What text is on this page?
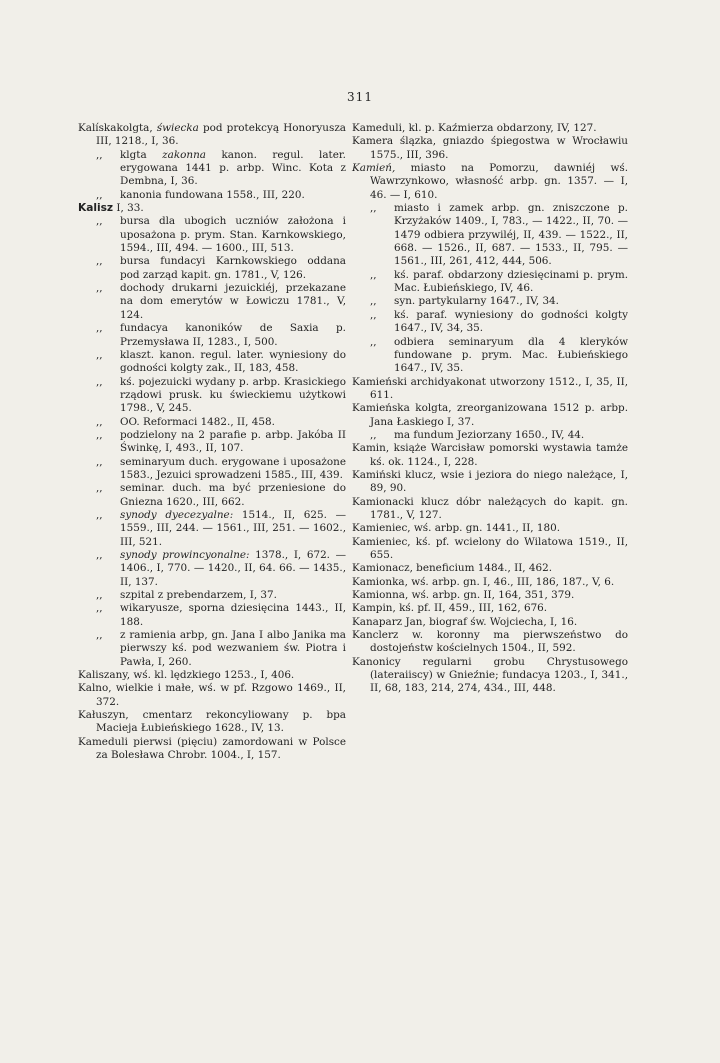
311

Kalískakolgta, świecka pod protekcyą Honoryusza III, 1218., I, 36.

,, klgta zakonna kanon. regul. later. erygowana 1441 p. arbp. Winc. Kota z Dembna, I, 36.

,, kanonia fundowana 1558., III, 220.

Kalisz I, 33.

,, bursa dla ubogich uczniów założona i uposażona p. prym. Stan. Karnkowskiego, 1594., III, 494. — 1600., III, 513.

,, bursa fundacyi Karnkowskiego oddana pod zarząd kapit. gn. 1781., V, 126.

,, dochody drukarni jezuickiéj, przekazane na dom emerytów w Łowiczu 1781., V, 124.

,, fundacya kanoników de Saxia p. Przemysława II, 1283., I, 500.

,, klaszt. kanon. regul. later. wyniesiony do godności kolgty zak., II, 183, 458.

,, kś. pojezuicki wydany p. arbp. Krasickiego rządowi prusk. ku świeckiemu użytkowi 1798., V, 245.

,, OO. Reformaci 1482., II, 458.

,, podzielony na 2 parafie p. arbp. Jakóba II Świnkę, I, 493., II, 107.

,, seminaryum duch. erygowane i uposażone 1583., Jezuici sprowadzeni 1585., III, 439.

,, seminar. duch. ma być przeniesione do Gniezna 1620., III, 662.

,, synody dyecezyalne: 1514., II, 625. — 1559., III, 244. — 1561., III, 251. — 1602., III, 521.

,, synody prowincyonalne: 1378., I, 672. — 1406., I, 770. — 1420., II, 64. 66. — 1435., II, 137.

,, szpital z prebendarzem, I, 37.

,, wikaryusze, sporna dziesięcina 1443., II, 188.

,, z ramienia arbp, gn. Jana I albo Janika ma pierwszy kś. pod wezwaniem św. Piotra i Pawła, I, 260.

Kaliszany, wś. kl. lędzkiego 1253., I, 406.

Kalno, wielkie i małe, wś. w pf. Rzgowo 1469., II, 372.

Kałuszyn, cmentarz rekoncyliowany p. bpa Macieja Łubieńskiego 1628., IV, 13.

Kameduli pierwsi (pięciu) zamordowani w Polsce za Bolesława Chrobr. 1004., I, 157.

Kameduli, kl. p. Kaźmierza obdarzony, IV, 127.

Kamera ślązka, gniazdo śpiegostwa w Wrocławiu 1575., III, 396.

Kamień, miasto na Pomorzu, dawniéj wś. Wawrzynkowo, własność arbp. gn. 1357. — I, 46. — I, 610.

,, miasto i zamek arbp. gn. zniszczone p. Krzyżaków 1409., I, 783., — 1422., II, 70. — 1479 odbiera przywiléj, II, 439. — 1522., II, 668. — 1526., II, 687. — 1533., II, 795. — 1561., III, 261, 412, 444, 506.

,, kś. paraf. obdarzony dziesięcinami p. prym. Mac. Łubieńskiego, IV, 46.

,, syn. partykularny 1647., IV, 34.

,, kś. paraf. wyniesiony do godności kolgty 1647., IV, 34, 35.

,, odbiera seminaryum dla 4 kleryków fundowane p. prym. Mac. Łubieńskiego 1647., IV, 35.

Kamieński archidyakonat utworzony 1512., I, 35, II, 611.

Kamieńska kolgta, zreorganizowana 1512 p. arbp. Jana Łaskiego I, 37.

,, ma fundum Jeziorzany 1650., IV, 44.

Kamin, książe Warcisław pomorski wystawia tamże kś. ok. 1124., I, 228.

Kamiński klucz, wsie i jeziora do niego należące, I, 89, 90.

Kamionacki klucz dóbr należących do kapit. gn. 1781., V, 127.

Kamieniec, wś. arbp. gn. 1441., II, 180.

Kamieniec, kś. pf. wcielony do Wilatowa 1519., II, 655.

Kamionacz, beneficium 1484., II, 462.

Kamionka, wś. arbp. gn. I, 46., III, 186, 187., V, 6.

Kamionna, wś. arbp. gn. II, 164, 351, 379.

Kampin, kś. pf. II, 459., III, 162, 676.

Kanaparz Jan, biograf św. Wojciecha, I, 16.

Kanclerz w. koronny ma pierwszeństwo do dostojeństw kościelnych 1504., II, 592.

Kanonicy regularni grobu Chrystusowego (lateraiiscy) w Gnieźnie; fundacya 1203., I, 341., II, 68, 183, 214, 274, 434., III, 448.
